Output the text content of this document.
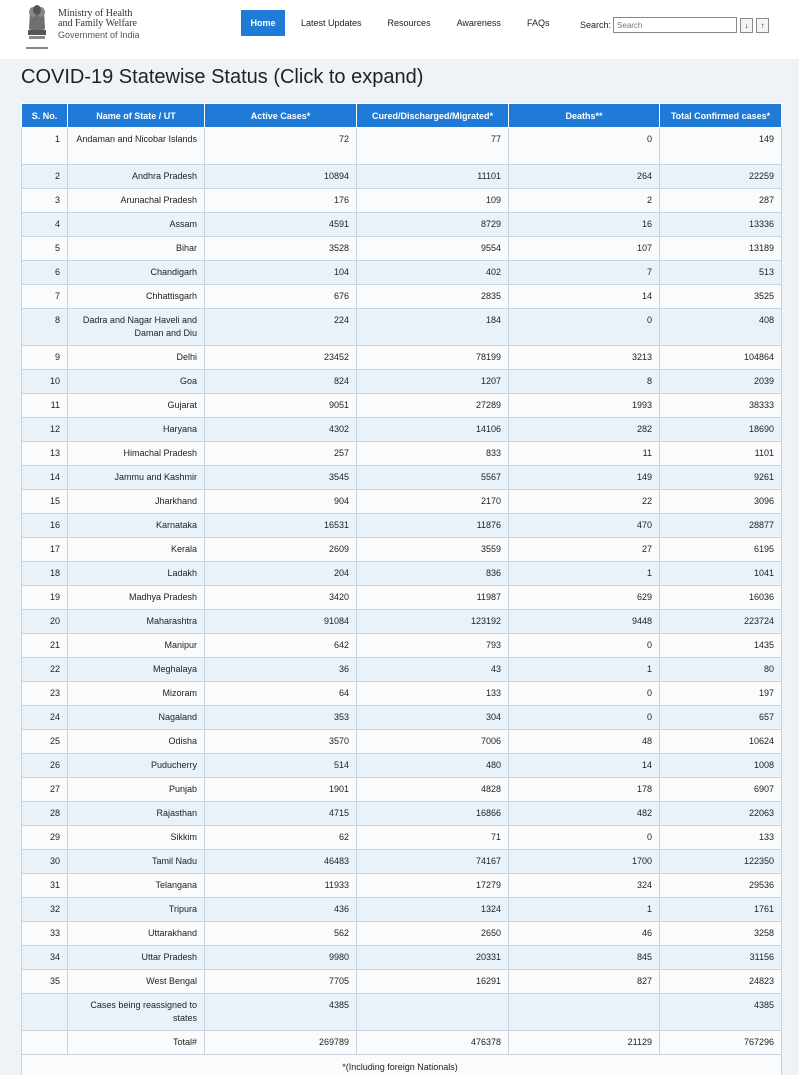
Ministry of Health
and Family Welfare
Government of India
Home	Latest Updates	Resources	Awareness	FAQs	Search:
Search	↓	↑
COVID-19 Statewise Status (Click to expand)
S. No.	Name of State / UT	Active Cases*	Cured/Discharged/Migrated*	Deaths**	Total Confirmed cases*
1	Andaman and Nicobar Islands	72	77	0	149
2	Andhra Pradesh	10894	11101	264	22259
3	Arunachal Pradesh	176	109	2	287
4	Assam	4591	8729	16	13336
5	Bihar	3528	9554	107	13189
6	Chandigarh	104	402	7	513
7	Chhattisgarh	676	2835	14	3525
8	Dadra and Nagar Haveli and Daman and Diu	224	184	0	408
9	Delhi	23452	78199	3213	104864
10	Goa	824	1207	8	2039
11	Gujarat	9051	27289	1993	38333
12	Haryana	4302	14106	282	18690
13	Himachal Pradesh	257	833	11	1101
14	Jammu and Kashmir	3545	5567	149	9261
15	Jharkhand	904	2170	22	3096
16	Karnataka	16531	11876	470	28877
17	Kerala	2609	3559	27	6195
18	Ladakh	204	836	1	1041
19	Madhya Pradesh	3420	11987	629	16036
20	Maharashtra	91084	123192	9448	223724
21	Manipur	642	793	0	1435
22	Meghalaya	36	43	1	80
23	Mizoram	64	133	0	197
24	Nagaland	353	304	0	657
25	Odisha	3570	7006	48	10624
26	Puducherry	514	480	14	1008
27	Punjab	1901	4828	178	6907
28	Rajasthan	4715	16866	482	22063
29	Sikkim	62	71	0	133
30	Tamil Nadu	46483	74167	1700	122350
31	Telangana	11933	17279	324	29536
32	Tripura	436	1324	1	1761
33	Uttarakhand	562	2650	46	3258
34	Uttar Pradesh	9980	20331	845	31156
35	West Bengal	7705	16291	827	24823
	Cases being reassigned to states	4385			4385
	Total#	269789	476378	21129	767296
*(Including foreign Nationals)					
